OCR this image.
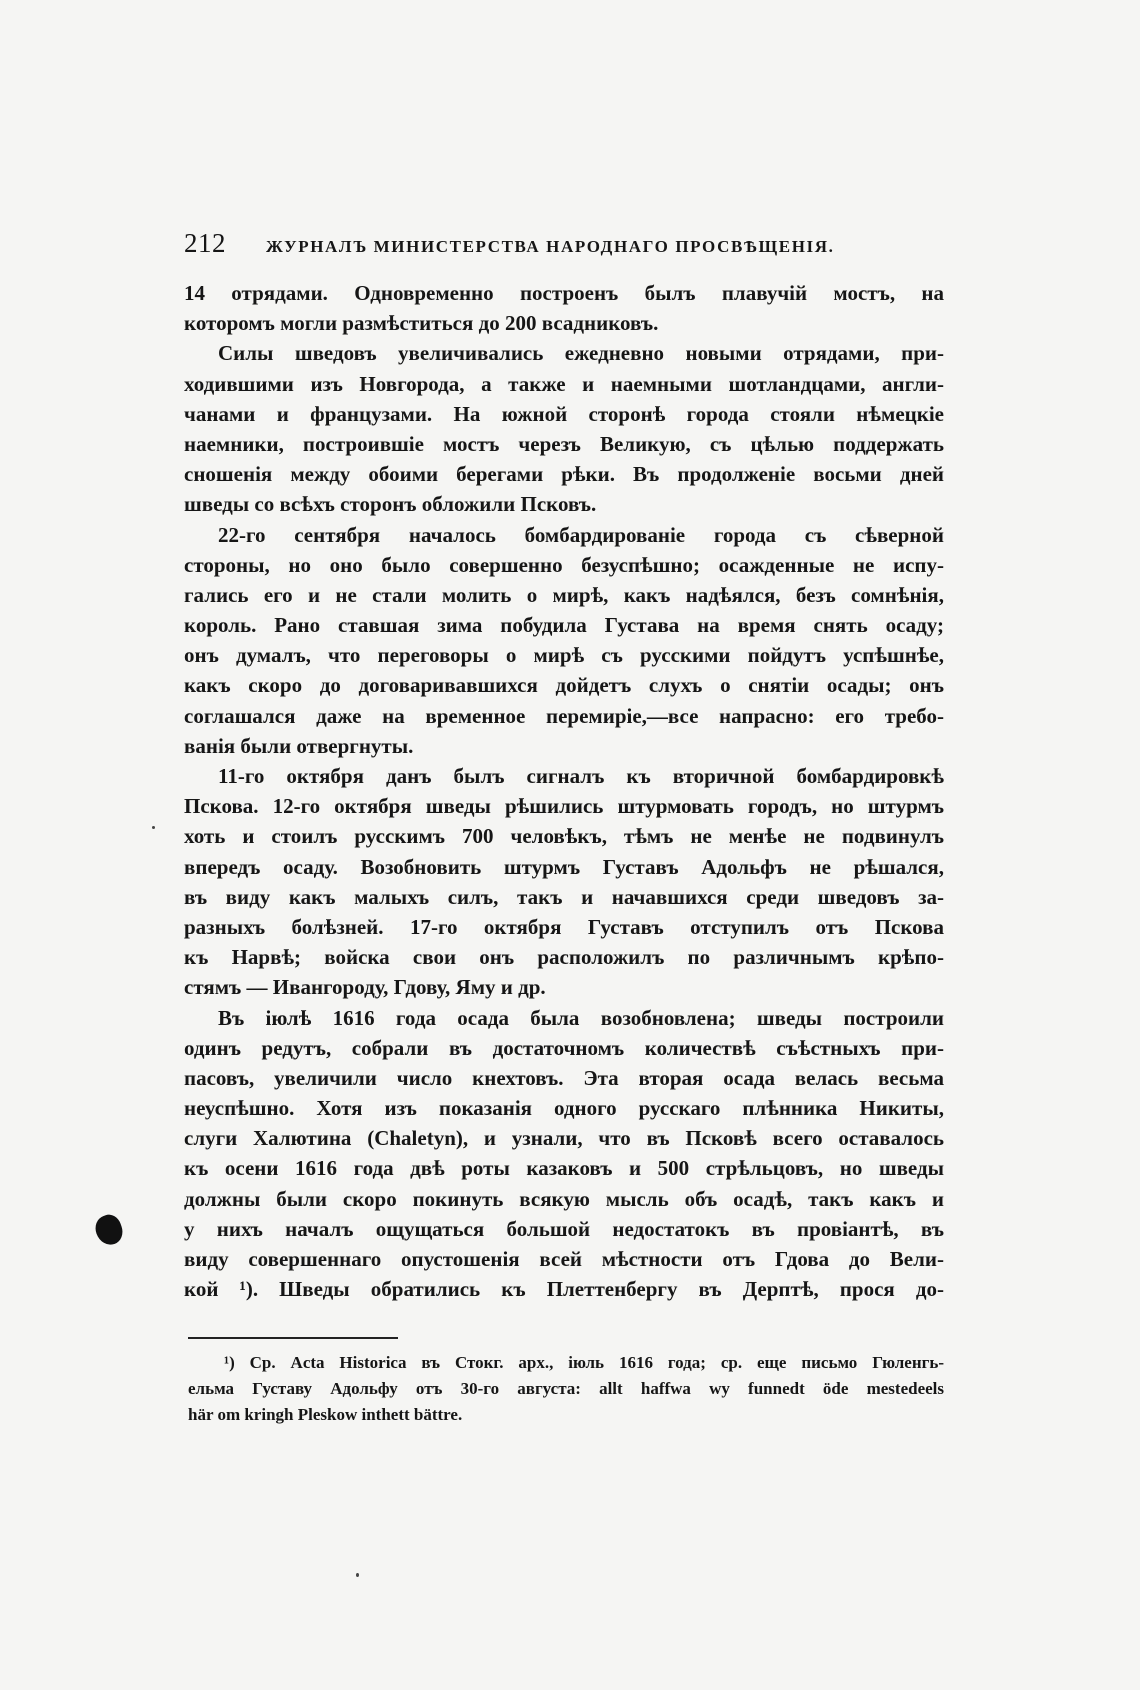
212 ЖУРНАЛЪ МИНИСТЕРСТВА НАРОДНАГО ПРОСВѢЩЕНІЯ.
14 отрядами. Одновременно построенъ былъ плавучій мостъ, на
которомъ могли размѣститься до 200 всадниковъ.
Силы шведовъ увеличивались ежедневно новыми отрядами, при-
ходившими изъ Новгорода, а также и наемными шотландцами, англи-
чанами и французами. На южной сторонѣ города стояли нѣмецкіе
наемники, построившіе мостъ черезъ Великую, съ цѣлью поддержать
сношенія между обоими берегами рѣки. Въ продолженіе восьми дней
шведы со всѣхъ сторонъ обложили Псковъ.
22-го сентября началось бомбардированіе города съ сѣверной
стороны, но оно было совершенно безуспѣшно; осажденные не испу-
гались его и не стали молить о мирѣ, какъ надѣялся, безъ сомнѣнія,
король. Рано ставшая зима побудила Густава на время снять осаду;
онъ думалъ, что переговоры о мирѣ съ русскими пойдутъ успѣшнѣе,
какъ скоро до договаривавшихся дойдетъ слухъ о снятіи осады; онъ
соглашался даже на временное перемиріе,—все напрасно: его требо-
ванія были отвергнуты.
11-го октября данъ былъ сигналъ къ вторичной бомбардировкѣ
Пскова. 12-го октября шведы рѣшились штурмовать городъ, но штурмъ
хоть и стоилъ русскимъ 700 человѣкъ, тѣмъ не менѣе не подвинулъ
впередъ осаду. Возобновить штурмъ Густавъ Адольфъ не рѣшался,
въ виду какъ малыхъ силъ, такъ и начавшихся среди шведовъ за-
разныхъ болѣзней. 17-го октября Густавъ отступилъ отъ Пскова
къ Нарвѣ; войска свои онъ расположилъ по различнымъ крѣпо-
стямъ — Ивангороду, Гдову, Яму и др.
Въ іюлѣ 1616 года осада была возобновлена; шведы построили
одинъ редутъ, собрали въ достаточномъ количествѣ съѣстныхъ при-
пасовъ, увеличили число кнехтовъ. Эта вторая осада велась весьма
неуспѣшно. Хотя изъ показанія одного русскаго плѣнника Никиты,
слуги Халютина (Chaletyn), и узнали, что въ Псковѣ всего оставалось
къ осени 1616 года двѣ роты казаковъ и 500 стрѣльцовъ, но шведы
должны были скоро покинуть всякую мысль объ осадѣ, такъ какъ и
у нихъ началъ ощущаться большой недостатокъ въ провіантѣ, въ
виду совершеннаго опустошенія всей мѣстности отъ Гдова до Вели-
кой ¹). Шведы обратились къ Плеттенбергу въ Дерптѣ, прося до-
¹) Ср. Acta Historica въ Стокг. арх., іюль 1616 года; ср. еще письмо Гюленгь-
ельма Густаву Адольфу отъ 30-го августа: allt haffwa wy funnedt öde mestedeels
här om kringh Pleskow inthett bättre.
